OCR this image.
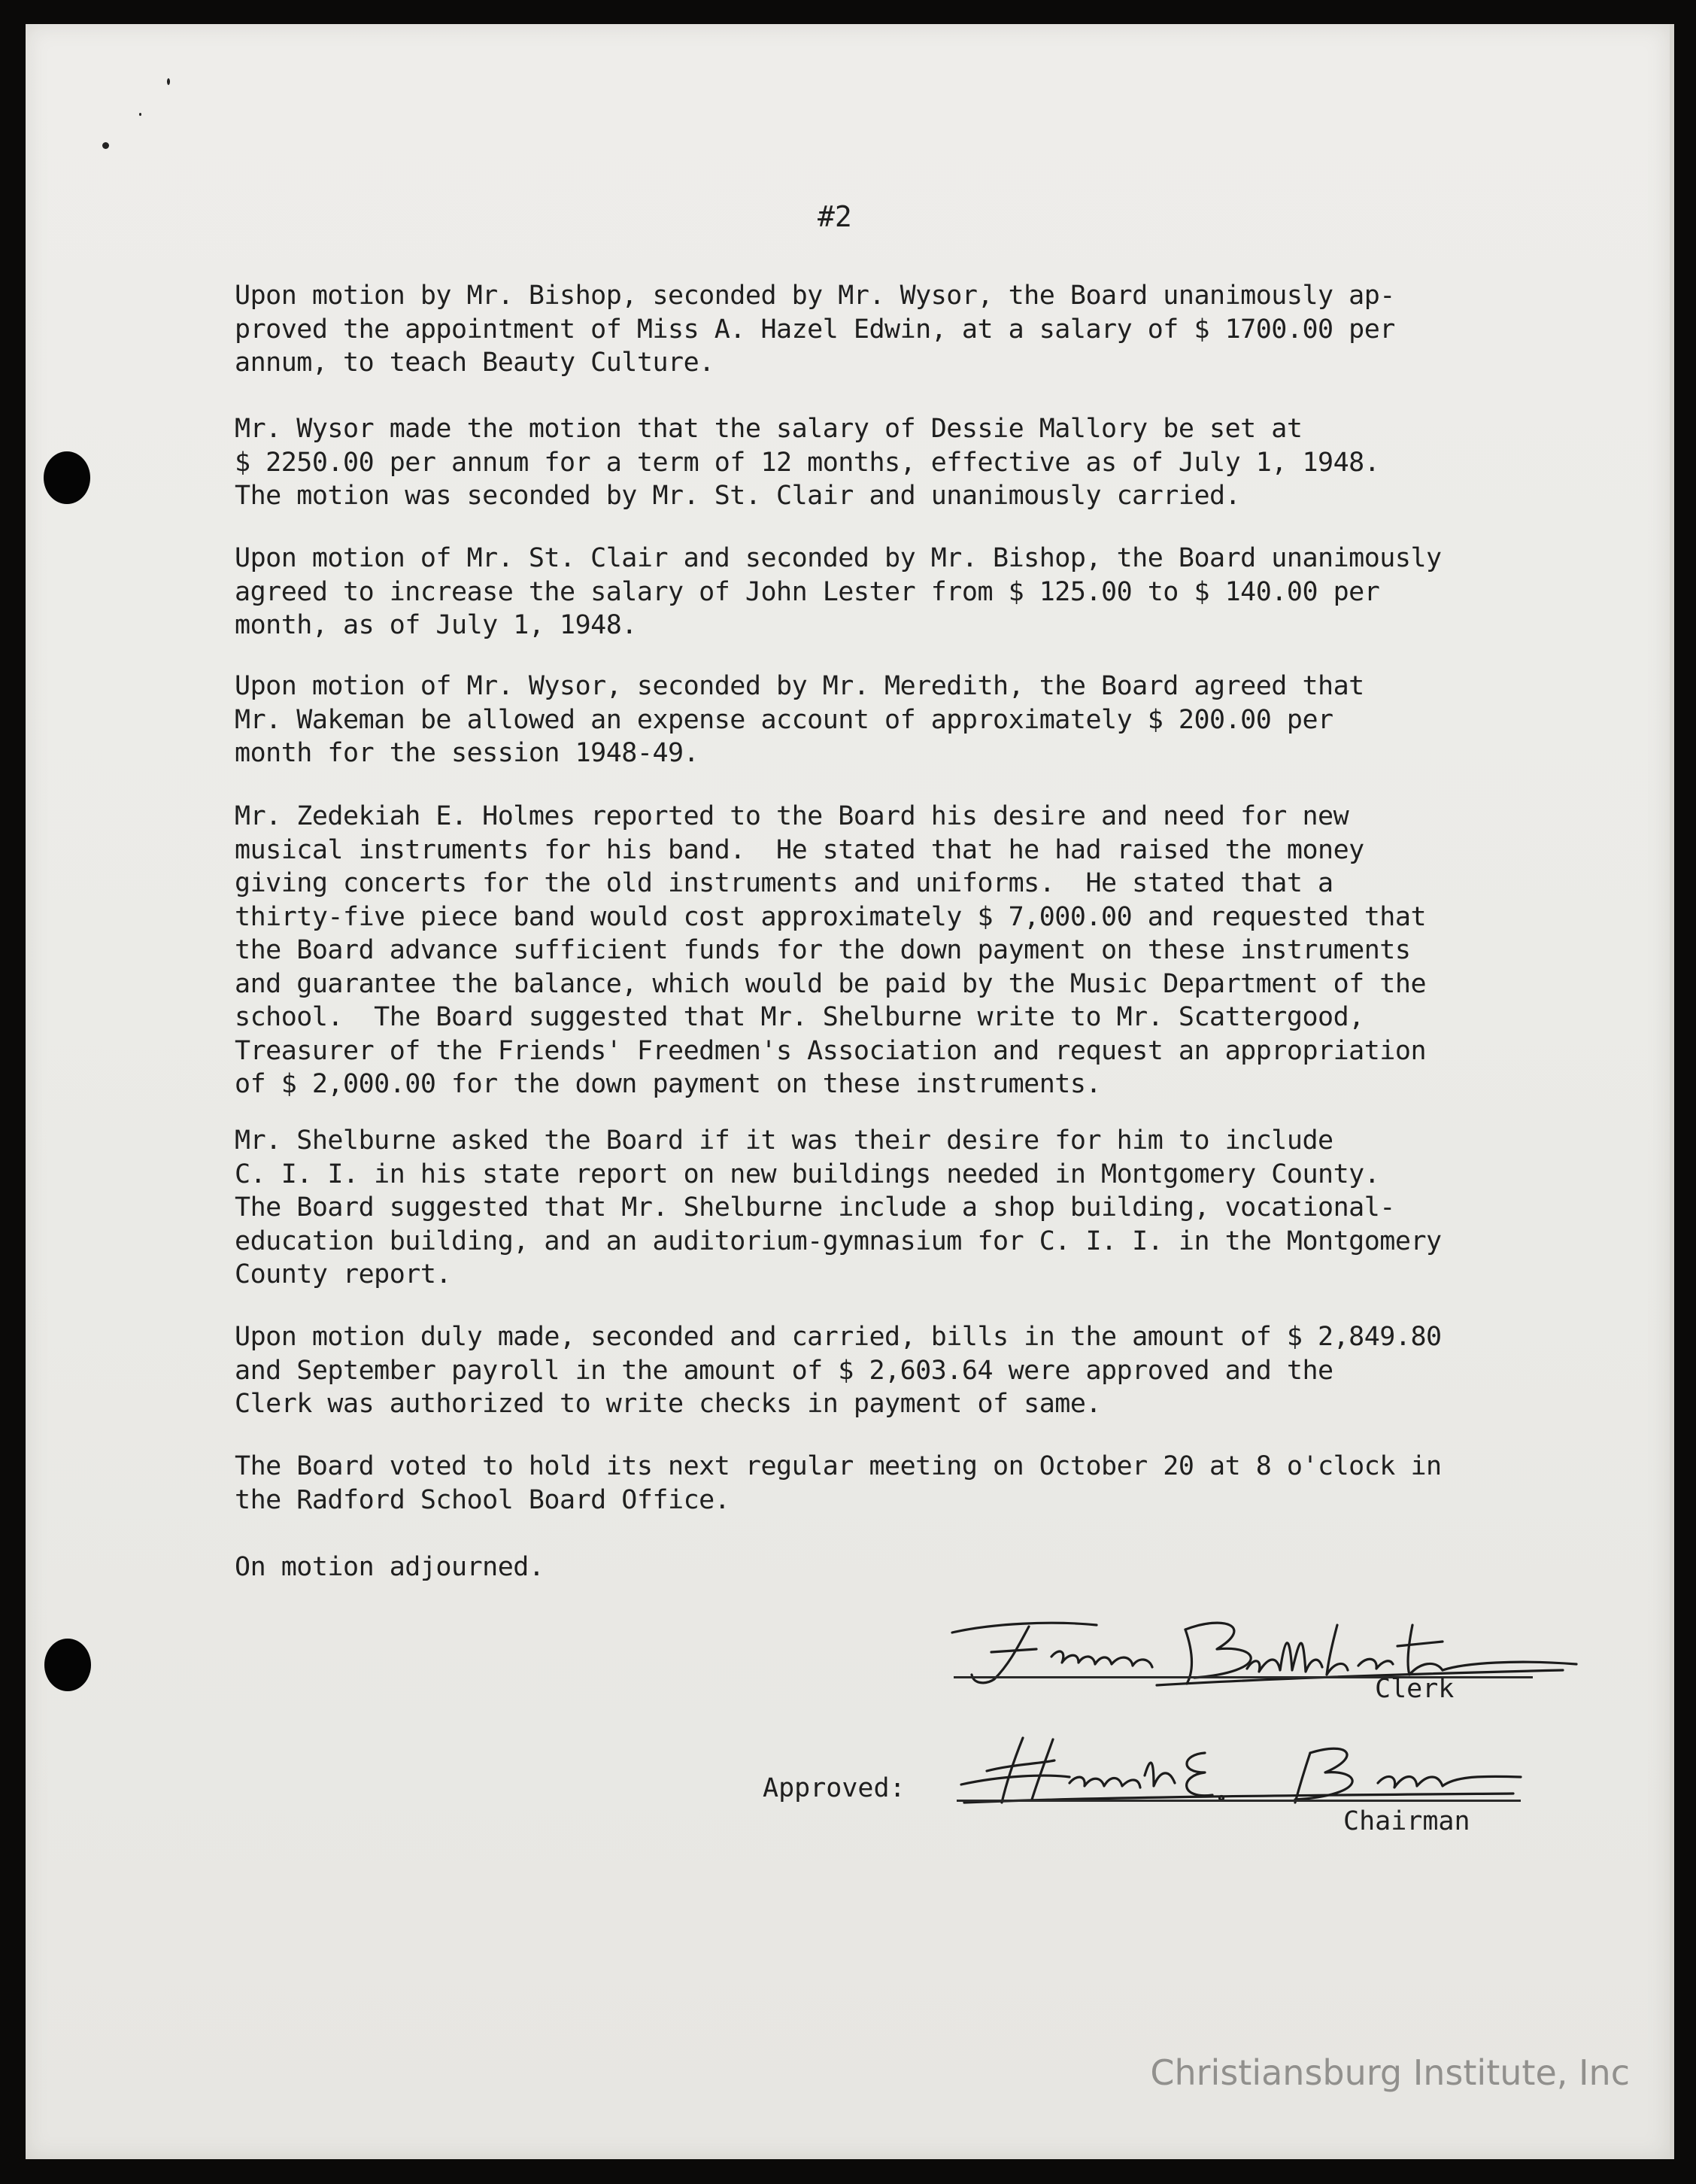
#2
Upon motion by Mr. Bishop, seconded by Mr. Wysor, the Board unanimously ap-
proved the appointment of Miss A. Hazel Edwin, at a salary of $ 1700.00 per
annum, to teach Beauty Culture.
Mr. Wysor made the motion that the salary of Dessie Mallory be set at
$ 2250.00 per annum for a term of 12 months, effective as of July 1, 1948.
The motion was seconded by Mr. St. Clair and unanimously carried.
Upon motion of Mr. St. Clair and seconded by Mr. Bishop, the Board unanimously
agreed to increase the salary of John Lester from $ 125.00 to $ 140.00 per
month, as of July 1, 1948.
Upon motion of Mr. Wysor, seconded by Mr. Meredith, the Board agreed that
Mr. Wakeman be allowed an expense account of approximately $ 200.00 per
month for the session 1948-49.
Mr. Zedekiah E. Holmes reported to the Board his desire and need for new
musical instruments for his band.  He stated that he had raised the money
giving concerts for the old instruments and uniforms.  He stated that a
thirty-five piece band would cost approximately $ 7,000.00 and requested that
the Board advance sufficient funds for the down payment on these instruments
and guarantee the balance, which would be paid by the Music Department of the
school.  The Board suggested that Mr. Shelburne write to Mr. Scattergood,
Treasurer of the Friends' Freedmen's Association and request an appropriation
of $ 2,000.00 for the down payment on these instruments.
Mr. Shelburne asked the Board if it was their desire for him to include
C. I. I. in his state report on new buildings needed in Montgomery County.
The Board suggested that Mr. Shelburne include a shop building, vocational-
education building, and an auditorium-gymnasium for C. I. I. in the Montgomery
County report.
Upon motion duly made, seconded and carried, bills in the amount of $ 2,849.80
and September payroll in the amount of $ 2,603.64 were approved and the
Clerk was authorized to write checks in payment of same.
The Board voted to hold its next regular meeting on October 20 at 8 o'clock in
the Radford School Board Office.
On motion adjourned.
Clerk
Approved:
Chairman
Christiansburg Institute, Inc
